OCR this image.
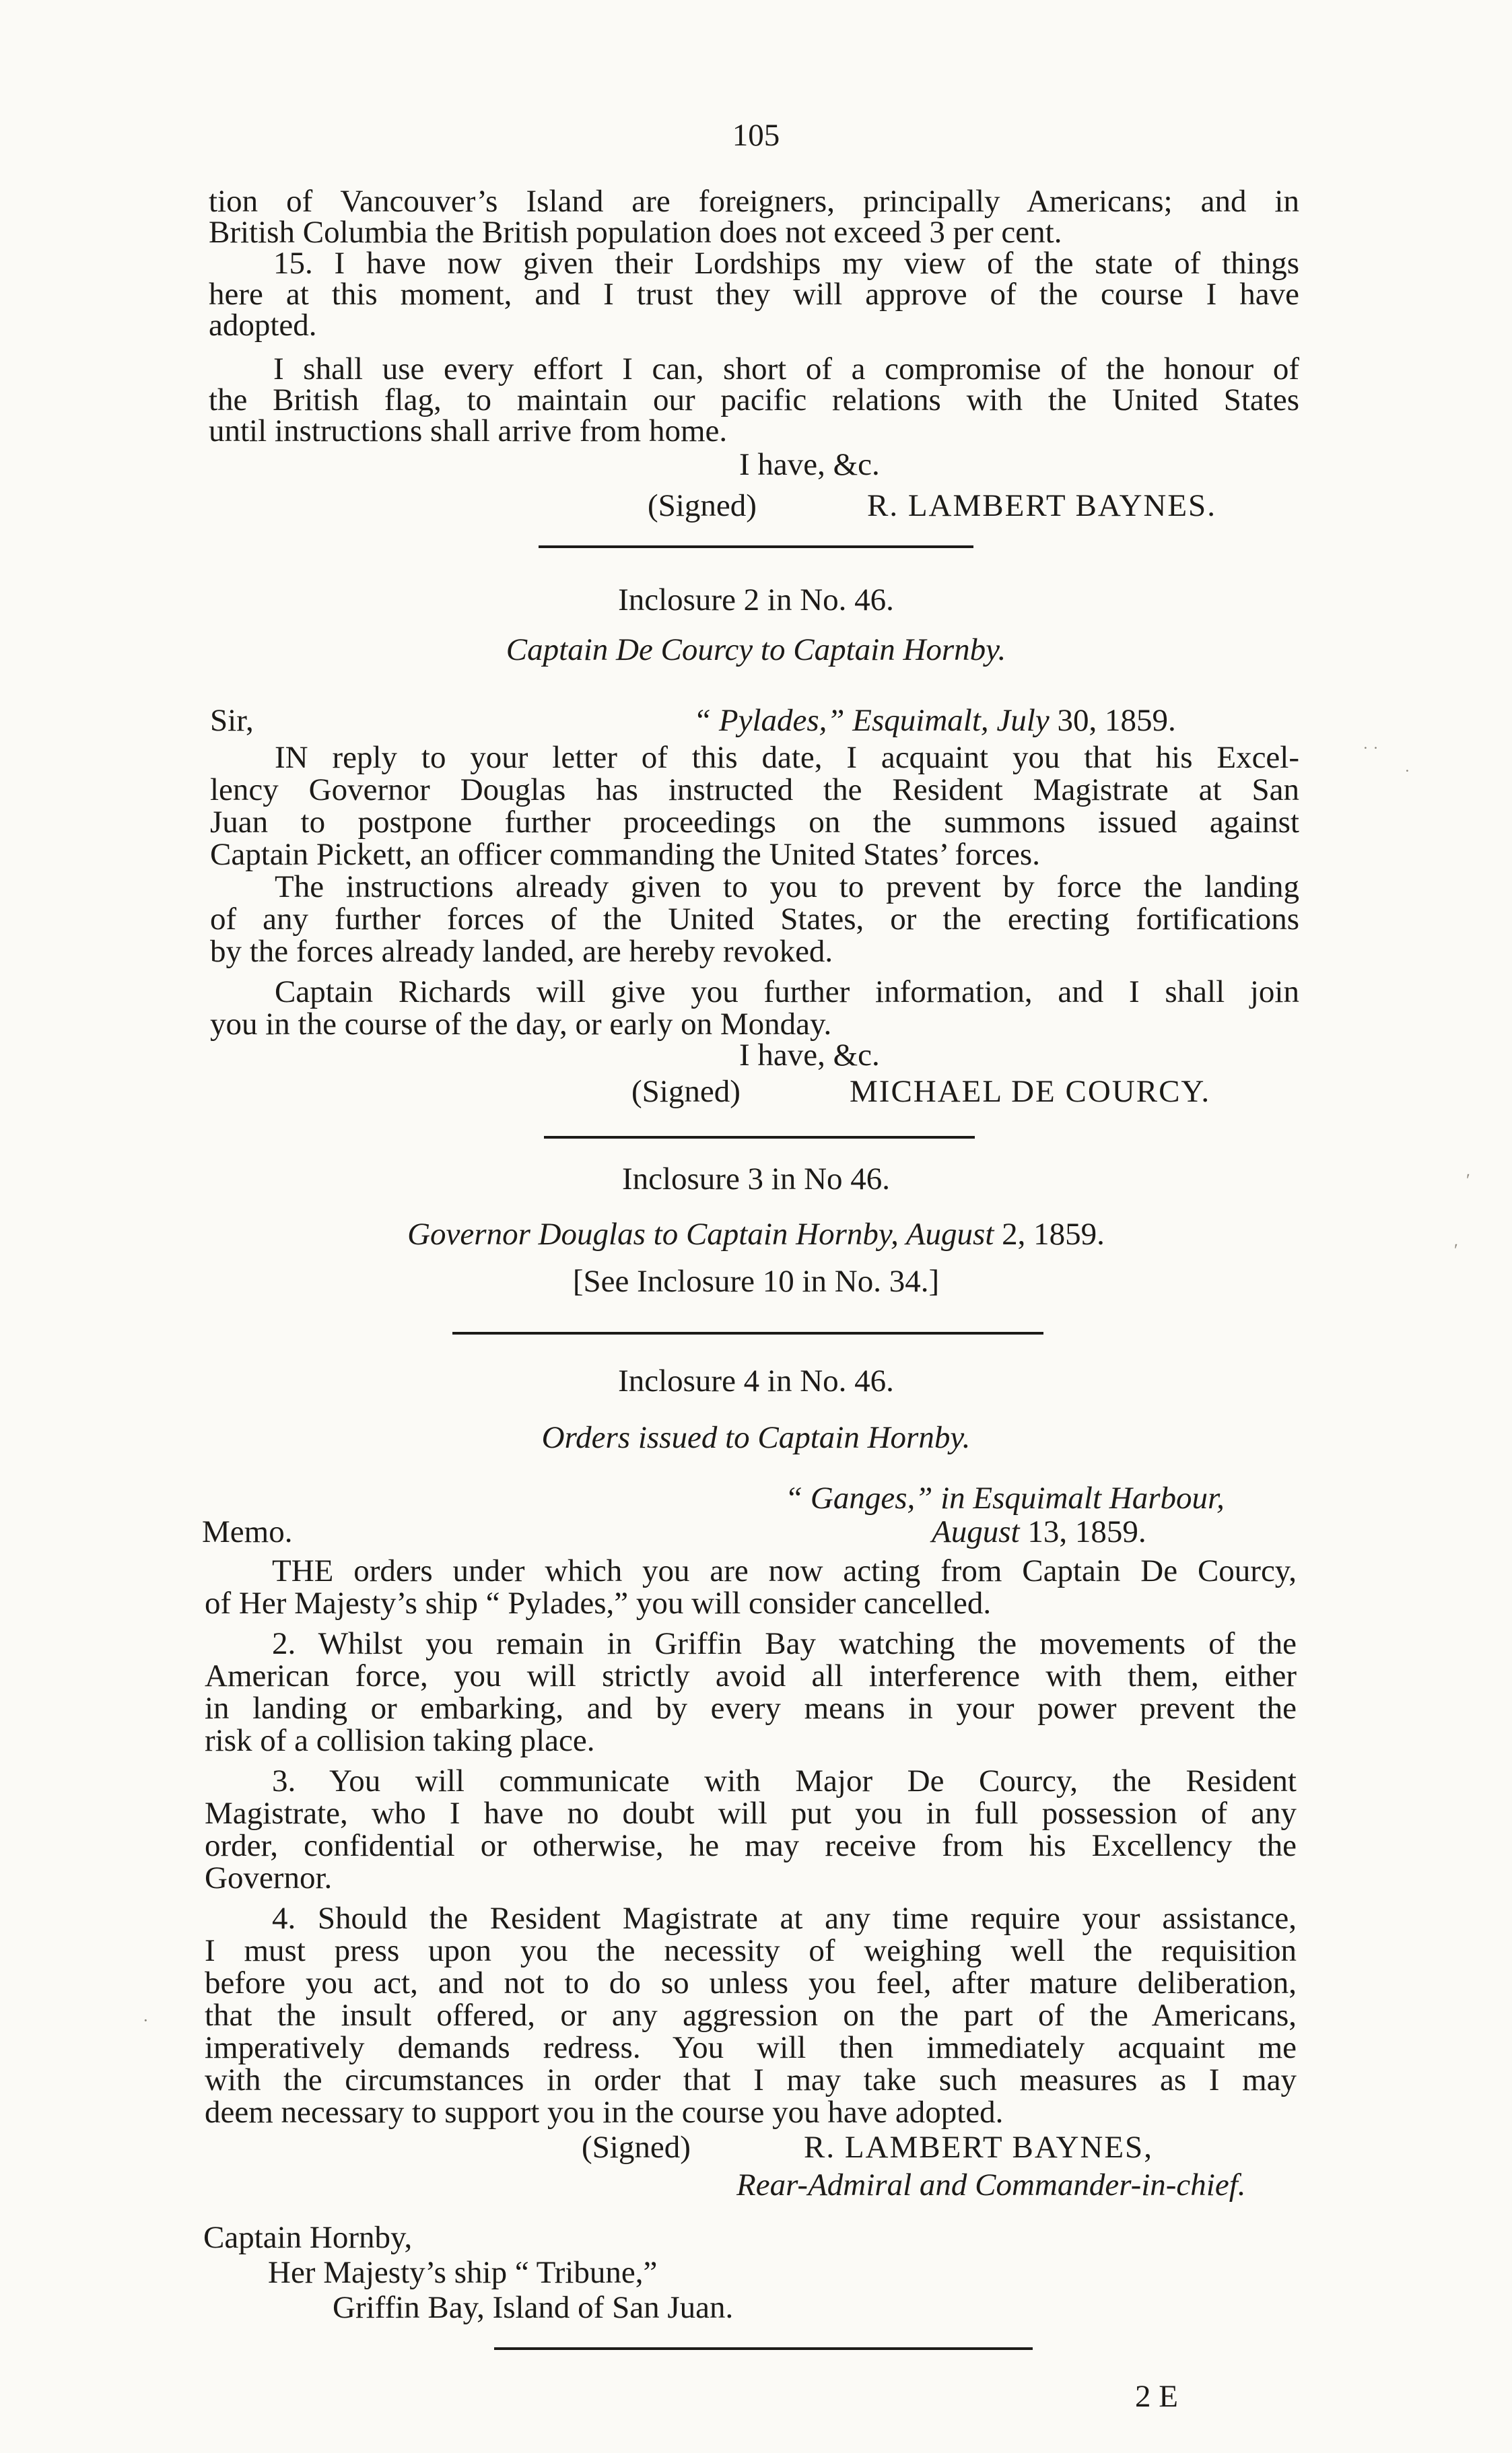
105
tion of Vancouver’s Island are foreigners, principally Americans; and in
British Columbia the British population does not exceed 3 per cent.
15. I have now given their Lordships my view of the state of things
here at this moment, and I trust they will approve of the course I have
adopted.
I shall use every effort I can, short of a compromise of the honour of
the British flag, to maintain our pacific relations with the United States
until instructions shall arrive from home.
I have, &c.
(Signed)	R. LAMBERT BAYNES.
Inclosure 2 in No. 46.
Captain De Courcy to Captain Hornby.
Sir,	“ Pylades,” Esquimalt, July 30, 1859.
IN reply to your letter of this date, I acquaint you that his Excel-
lency Governor Douglas has instructed the Resident Magistrate at San
Juan to postpone further proceedings on the summons issued against
Captain Pickett, an officer commanding the United States’ forces.
The instructions already given to you to prevent by force the landing
of any further forces of the United States, or the erecting fortifications
by the forces already landed, are hereby revoked.
Captain Richards will give you further information, and I shall join
you in the course of the day, or early on Monday.
I have, &c.
(Signed)	MICHAEL DE COURCY.
Inclosure 3 in No 46.
Governor Douglas to Captain Hornby, August 2, 1859.
[See Inclosure 10 in No. 34.]
Inclosure 4 in No. 46.
Orders issued to Captain Hornby.
“ Ganges,” in Esquimalt Harbour,
Memo.	August 13, 1859.
THE orders under which you are now acting from Captain De Courcy,
of Her Majesty’s ship “ Pylades,” you will consider cancelled.
2. Whilst you remain in Griffin Bay watching the movements of the
American force, you will strictly avoid all interference with them, either
in landing or embarking, and by every means in your power prevent the
risk of a collision taking place.
3. You will communicate with Major De Courcy, the Resident
Magistrate, who I have no doubt will put you in full possession of any
order, confidential or otherwise, he may receive from his Excellency the
Governor.
4. Should the Resident Magistrate at any time require your assistance,
I must press upon you the necessity of weighing well the requisition
before you act, and not to do so unless you feel, after mature deliberation,
that the insult offered, or any aggression on the part of the Americans,
imperatively demands redress. You will then immediately acquaint me
with the circumstances in order that I may take such measures as I may
deem necessary to support you in the course you have adopted.
(Signed)	R. LAMBERT BAYNES,
Rear-Admiral and Commander-in-chief.
Captain Hornby,
Her Majesty’s ship “ Tribune,”
Griffin Bay, Island of San Juan.
2 E
˙ ˙
˙
ʹ
ʹ
·
